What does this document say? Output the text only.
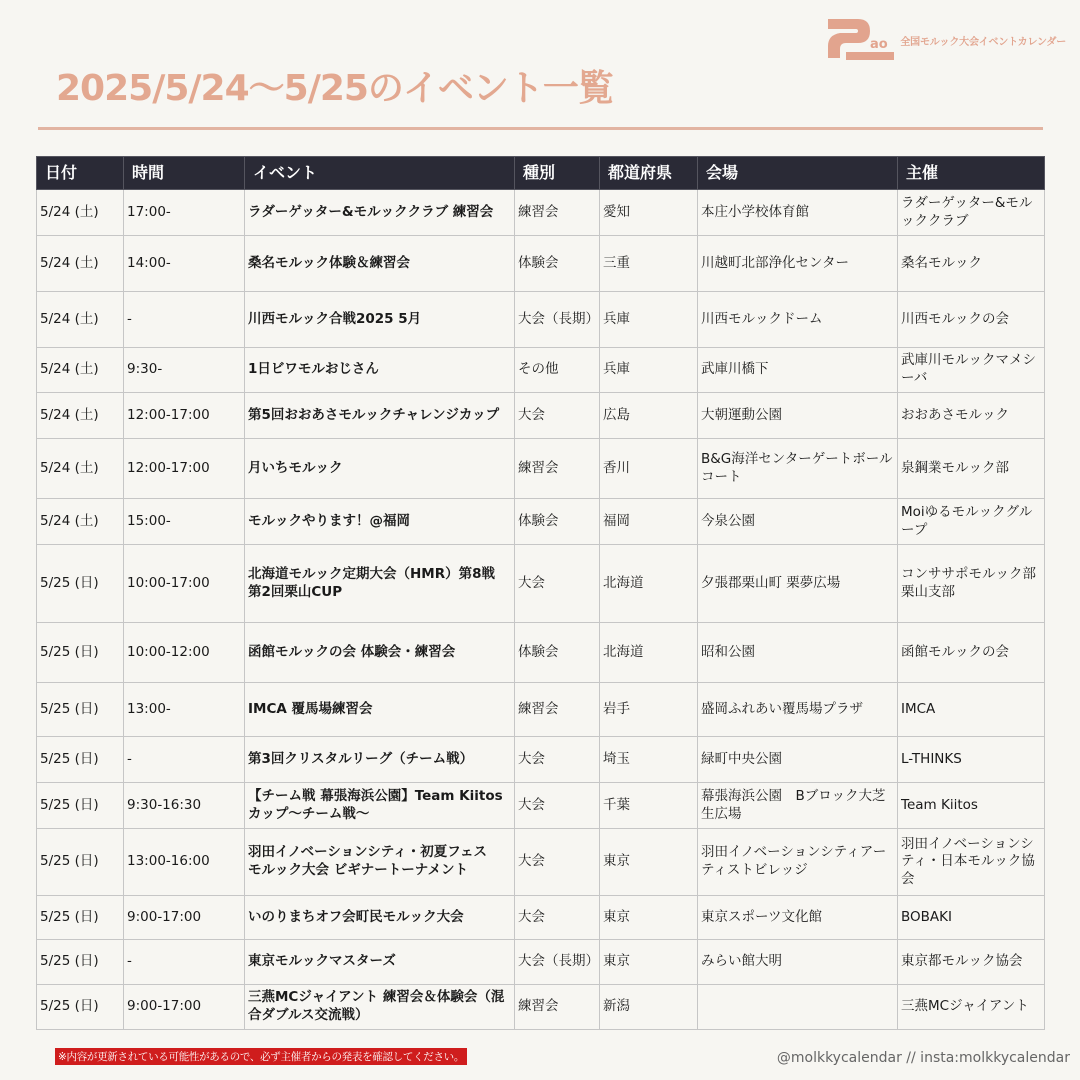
ao 全国モルック大会イベントカレンダー
2025/5/24～5/25のイベント一覧
日付	時間	イベント	種別	都道府県	会場	主催
5/24 (土)	17:00-	ラダーゲッター&モルッククラブ 練習会	練習会	愛知	本庄小学校体育館	ラダーゲッター&モルッククラブ
5/24 (土)	14:00-	桑名モルック体験＆練習会	体験会	三重	川越町北部浄化センター	桑名モルック
5/24 (土)	-	川西モルック合戦2025 5月	大会（長期）	兵庫	川西モルックドーム	川西モルックの会
5/24 (土)	9:30-	1日ビワモルおじさん	その他	兵庫	武庫川橋下	武庫川モルックマメシーバ
5/24 (土)	12:00-17:00	第5回おおあさモルックチャレンジカップ	大会	広島	大朝運動公園	おおあさモルック
5/24 (土)	12:00-17:00	月いちモルック	練習会	香川	B&G海洋センターゲートボールコート	泉鋼業モルック部
5/24 (土)	15:00-	モルックやります！@福岡	体験会	福岡	今泉公園	Moiゆるモルックグループ
5/25 (日)	10:00-17:00	北海道モルック定期大会（HMR）第8戦 第2回栗山CUP	大会	北海道	夕張郡栗山町 栗夢広場	コンササポモルック部 栗山支部
5/25 (日)	10:00-12:00	函館モルックの会 体験会・練習会	体験会	北海道	昭和公園	函館モルックの会
5/25 (日)	13:00-	IMCA 覆馬場練習会	練習会	岩手	盛岡ふれあい覆馬場プラザ	IMCA
5/25 (日)	-	第3回クリスタルリーグ（チーム戦）	大会	埼玉	緑町中央公園	L-THINKS
5/25 (日)	9:30-16:30	【チーム戦 幕張海浜公園】Team Kiitosカップ～チーム戦～	大会	千葉	幕張海浜公園　Bブロック大芝生広場	Team Kiitos
5/25 (日)	13:00-16:00	羽田イノベーションシティ・初夏フェス　モルック大会 ビギナートーナメント	大会	東京	羽田イノベーションシティアーティストビレッジ	羽田イノベーションシティ・日本モルック協会
5/25 (日)	9:00-17:00	いのりまちオフ会町民モルック大会	大会	東京	東京スポーツ文化館	BOBAKI
5/25 (日)	-	東京モルックマスターズ	大会（長期）	東京	みらい館大明	東京都モルック協会
5/25 (日)	9:00-17:00	三燕MCジャイアント 練習会＆体験会（混合ダブルス交流戦）	練習会	新潟		三燕MCジャイアント
※内容が更新されている可能性があるので、必ず主催者からの発表を確認してください。	@molkkycalendar // insta:molkkycalendar
